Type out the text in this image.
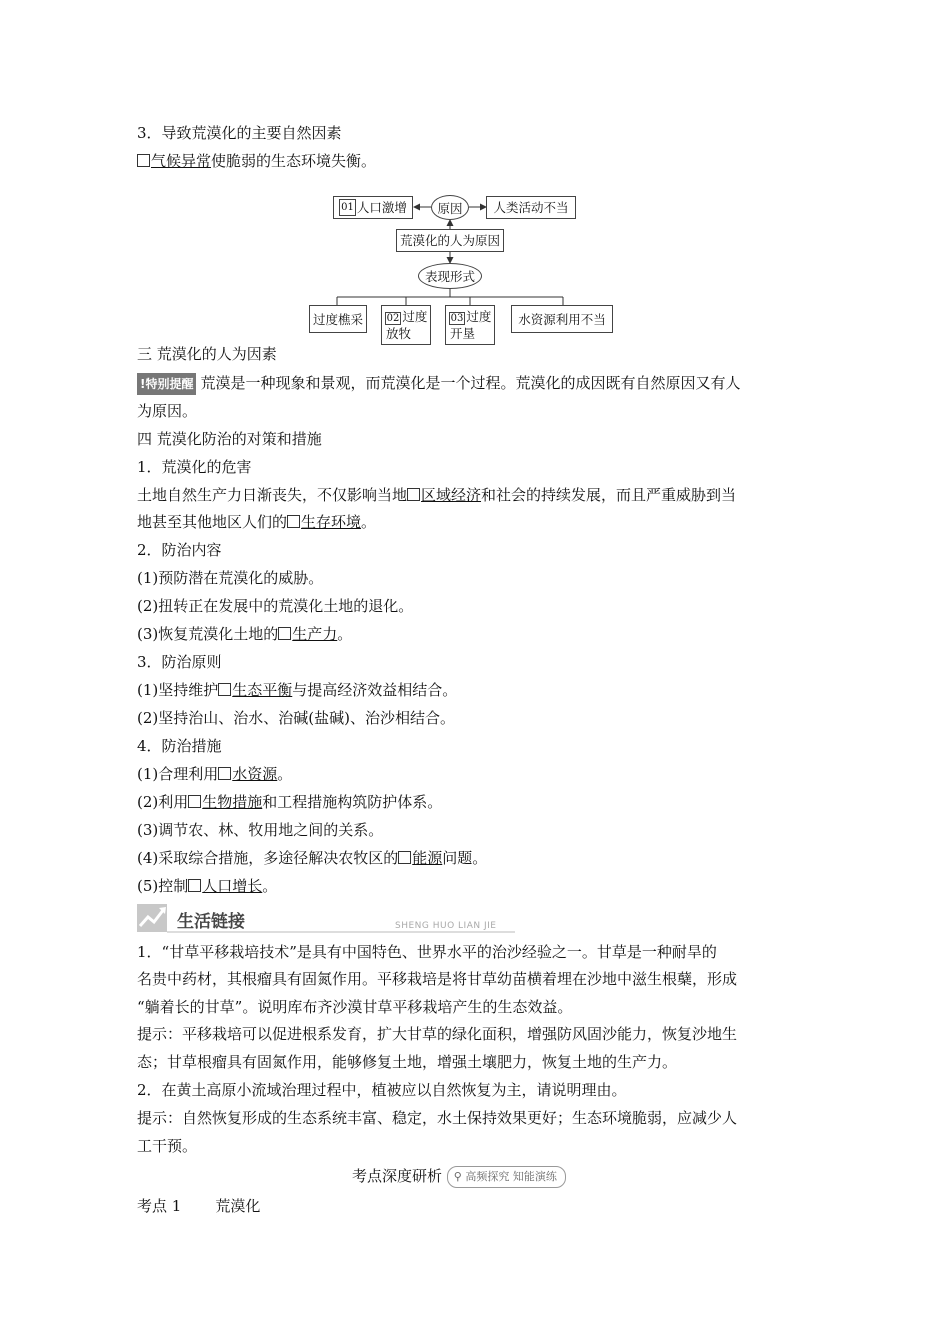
3．导致荒漠化的主要自然因素
气候异常使脆弱的生态环境失衡。
01 人口激增	原因	人类活动不当
荒漠化的人为原因
表现形式
过度樵采	02 过度
放牧
03 过度
开垦
水资源利用不当
三 荒漠化的人为因素
!特别提醒 荒漠是一种现象和景观，而荒漠化是一个过程。荒漠化的成因既有自然原因又有人
为原因。
四 荒漠化防治的对策和措施
1．荒漠化的危害
土地自然生产力日渐丧失，不仅影响当地 区域经济和社会的持续发展，而且严重威胁到当
地甚至其他地区人们的 生存环境。
2．防治内容
(1)预防潜在荒漠化的威胁。
(2)扭转正在发展中的荒漠化土地的退化。
(3)恢复荒漠化土地的 生产力。
3．防治原则
(1)坚持维护 生态平衡与提高经济效益相结合。
(2)坚持治山、治水、治碱(盐碱)、治沙相结合。
4．防治措施
(1)合理利用 水资源。
(2)利用 生物措施和工程措施构筑防护体系。
(3)调节农、林、牧用地之间的关系。
(4)采取综合措施，多途径解决农牧区的 能源问题。
(5)控制 人口增长。
生活链接	SHENG HUO LIAN JIE
1．“甘草平移栽培技术”是具有中国特色、世界水平的治沙经验之一。甘草是一种耐旱的
名贵中药材，其根瘤具有固氮作用。平移栽培是将甘草幼苗横着埋在沙地中滋生根蘖，形成
“躺着长的甘草”。说明库布齐沙漠甘草平移栽培产生的生态效益。
提示：平移栽培可以促进根系发育，扩大甘草的绿化面积，增强防风固沙能力，恢复沙地生
态；甘草根瘤具有固氮作用，能够修复土地，增强土壤肥力，恢复土地的生产力。
2．在黄土高原小流域治理过程中，植被应以自然恢复为主，请说明理由。
提示：自然恢复形成的生态系统丰富、稳定，水土保持效果更好；生态环境脆弱，应减少人
工干预。
考点深度研析 ⚲ 高频探究 知能演练
考点 1 荒漠化
